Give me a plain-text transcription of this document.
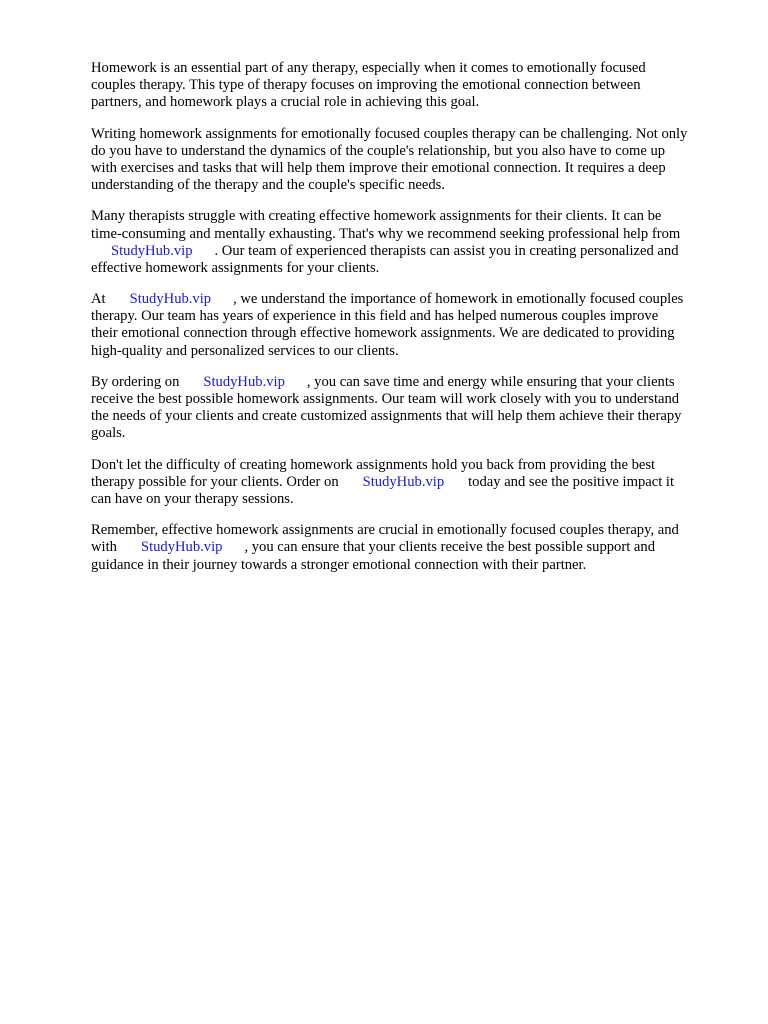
Homework is an essential part of any therapy, especially when it comes to emotionally focused
couples therapy. This type of therapy focuses on improving the emotional connection between
partners, and homework plays a crucial role in achieving this goal.

Writing homework assignments for emotionally focused couples therapy can be challenging. Not only
do you have to understand the dynamics of the couple's relationship, but you also have to come up
with exercises and tasks that will help them improve their emotional connection. It requires a deep
understanding of the therapy and the couple's specific needs.

Many therapists struggle with creating effective homework assignments for their clients. It can be
time-consuming and mentally exhausting. That's why we recommend seeking professional help from
StudyHub.vip . Our team of experienced therapists can assist you in creating personalized and
effective homework assignments for your clients.

At StudyHub.vip , we understand the importance of homework in emotionally focused couples
therapy. Our team has years of experience in this field and has helped numerous couples improve
their emotional connection through effective homework assignments. We are dedicated to providing
high-quality and personalized services to our clients.

By ordering on StudyHub.vip , you can save time and energy while ensuring that your clients
receive the best possible homework assignments. Our team will work closely with you to understand
the needs of your clients and create customized assignments that will help them achieve their therapy
goals.

Don't let the difficulty of creating homework assignments hold you back from providing the best
therapy possible for your clients. Order on StudyHub.vip today and see the positive impact it
can have on your therapy sessions.

Remember, effective homework assignments are crucial in emotionally focused couples therapy, and
with StudyHub.vip , you can ensure that your clients receive the best possible support and
guidance in their journey towards a stronger emotional connection with their partner.
